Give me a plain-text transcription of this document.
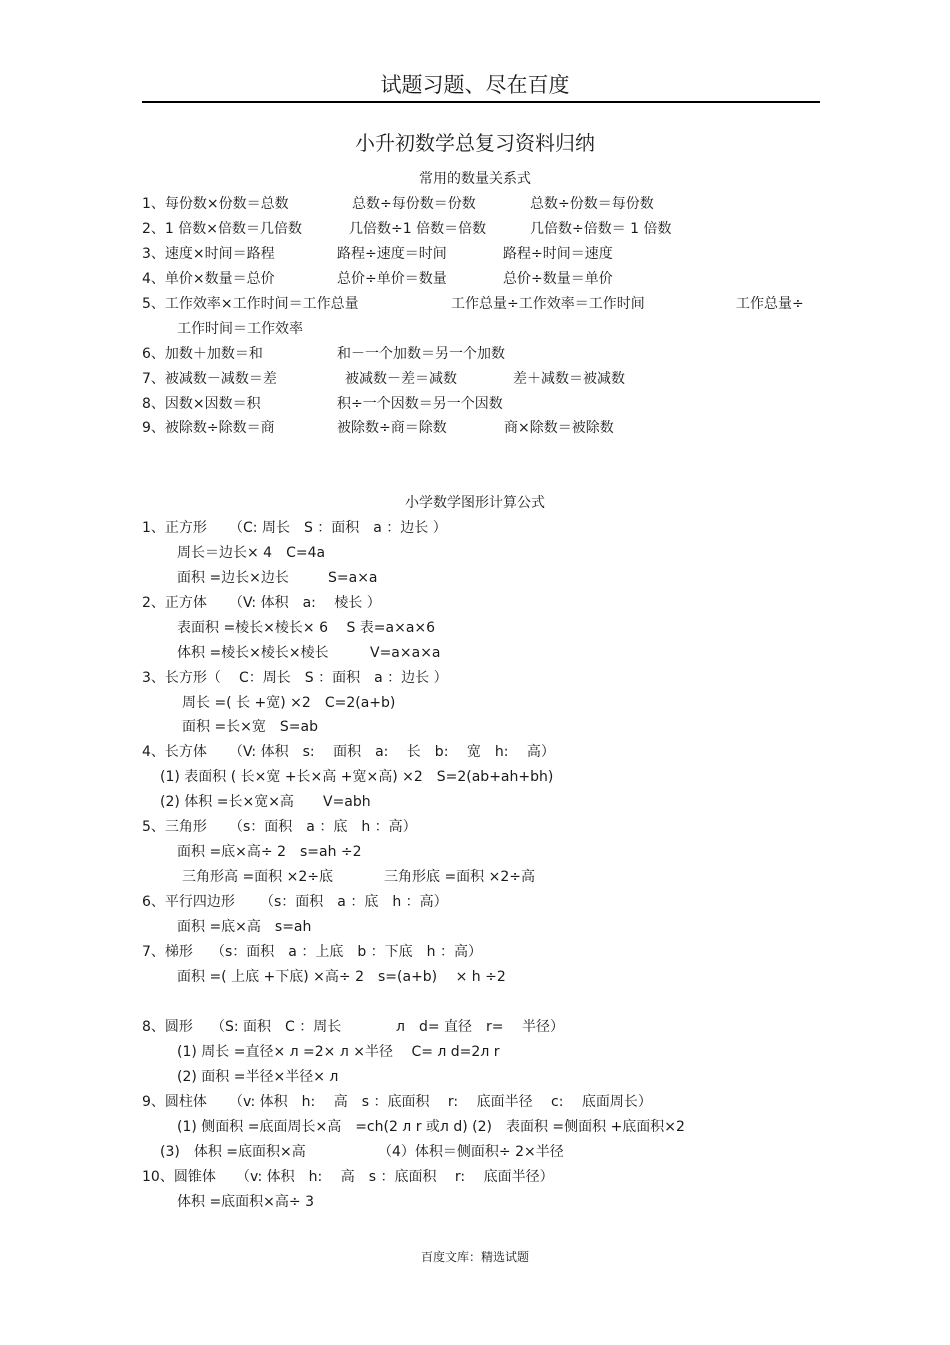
试题习题、尽在百度
小升初数学总复习资料归纳
常用的数量关系式
1、每份数×份数＝总数	总数÷每份数＝份数	总数÷份数＝每份数
2、1 倍数×倍数＝几倍数	几倍数÷1 倍数＝倍数	几倍数÷倍数＝ 1 倍数
3、速度×时间＝路程	路程÷速度＝时间	路程÷时间＝速度
4、单价×数量＝总价	总价÷单价＝数量	总价÷数量＝单价
5、工作效率×工作时间＝工作总量	工作总量÷工作效率＝工作时间	工作总量÷
工作时间＝工作效率
6、加数＋加数＝和	和－一个加数＝另一个加数
7、被减数－减数＝差	被减数－差＝减数	差＋减数＝被减数
8、因数×因数＝积	积÷一个因数＝另一个因数
9、被除数÷除数＝商	被除数÷商＝除数	商×除数＝被除数
小学数学图形计算公式
1、正方形 （C: 周长　S ：面积　a ：边长 ）
周长＝边长× 4　C=4a
面积 =边长×边长	S=a×a
2、正方体 （V: 体积　a: 　棱长 ）
表面积 =棱长×棱长× 6　 S 表=a×a×6
体积 =棱长×棱长×棱长	V=a×a×a
3、长方形（ C：周长　S ：面积　a ：边长 ）
周长 =( 长 +宽) ×2　C=2(a+b)
面积 =长×宽　S=ab
4、长方体 （V: 体积　s: 　面积　a: 　长　b: 　宽　h: 　高）
(1) 表面积 ( 长×宽 +长×高 +宽×高) ×2　S=2(ab+ah+bh)
(2) 体积 =长×宽×高 V=abh
5、三角形 （s：面积　a ：底　h ：高）
面积 =底×高÷ 2　s=ah ÷2
三角形高 =面积 ×2÷底	三角形底 =面积 ×2÷高
6、平行四边形 （s：面积　a ：底　h ：高）
面积 =底×高　s=ah
7、梯形 （s：面积　a ：上底　b ：下底　h ：高）
面积 =( 上底 +下底) ×高÷ 2　s=(a+b)　 × h ÷2
8、圆形 （S: 面积　C ：周长	л　d= 直径　r= 　半径）
(1) 周长 =直径× л =2× л ×半径　 C= л d=2л r
(2) 面积 =半径×半径× л
9、圆柱体 （v: 体积　h: 　高　s ：底面积　 r: 　底面半径　 c: 　底面周长）
(1) 侧面积 =底面周长×高　=ch(2 л r 或л d) (2)　表面积 =侧面积 +底面积×2
(3)　体积 =底面积×高	（4）体积＝侧面积÷ 2×半径
10、圆锥体 （v: 体积　h: 　高　s ：底面积　 r: 　底面半径）
体积 =底面积×高÷ 3
百度文库：精选试题
